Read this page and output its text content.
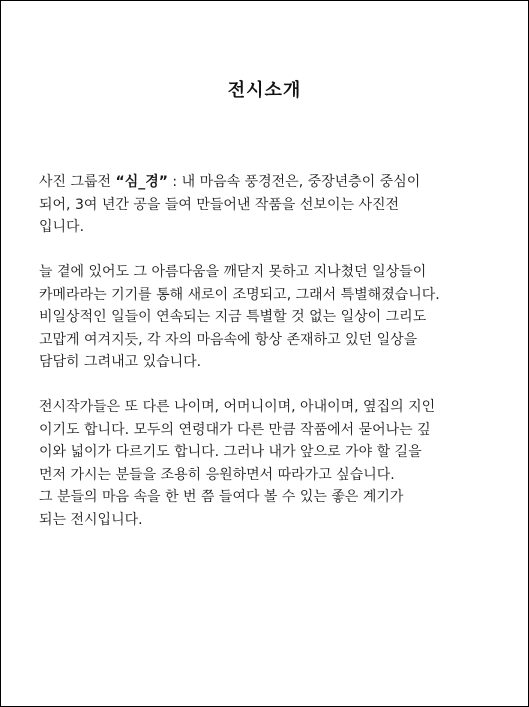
전시소개
사진 그룹전 “심_경” : 내 마음속 풍경전은, 중장년층이 중심이
되어, 3여 년간 공을 들여 만들어낸 작품을 선보이는 사진전
입니다.
늘 곁에 있어도 그 아름다움을 깨닫지 못하고 지나쳤던 일상들이
카메라라는 기기를 통해 새로이 조명되고, 그래서 특별해졌습니다.
비일상적인 일들이 연속되는 지금 특별할 것 없는 일상이 그리도
고맙게 여겨지듯, 각 자의 마음속에 항상 존재하고 있던 일상을
담담히 그려내고 있습니다.
전시작가들은 또 다른 나이며, 어머니이며, 아내이며, 옆집의 지인
이기도 합니다. 모두의 연령대가 다른 만큼 작품에서 묻어나는 깊
이와 넓이가 다르기도 합니다. 그러나 내가 앞으로 가야 할 길을
먼저 가시는 분들을 조용히 응원하면서 따라가고 싶습니다.
그 분들의 마음 속을 한 번 쯤 들여다 볼 수 있는 좋은 계기가
되는 전시입니다.
